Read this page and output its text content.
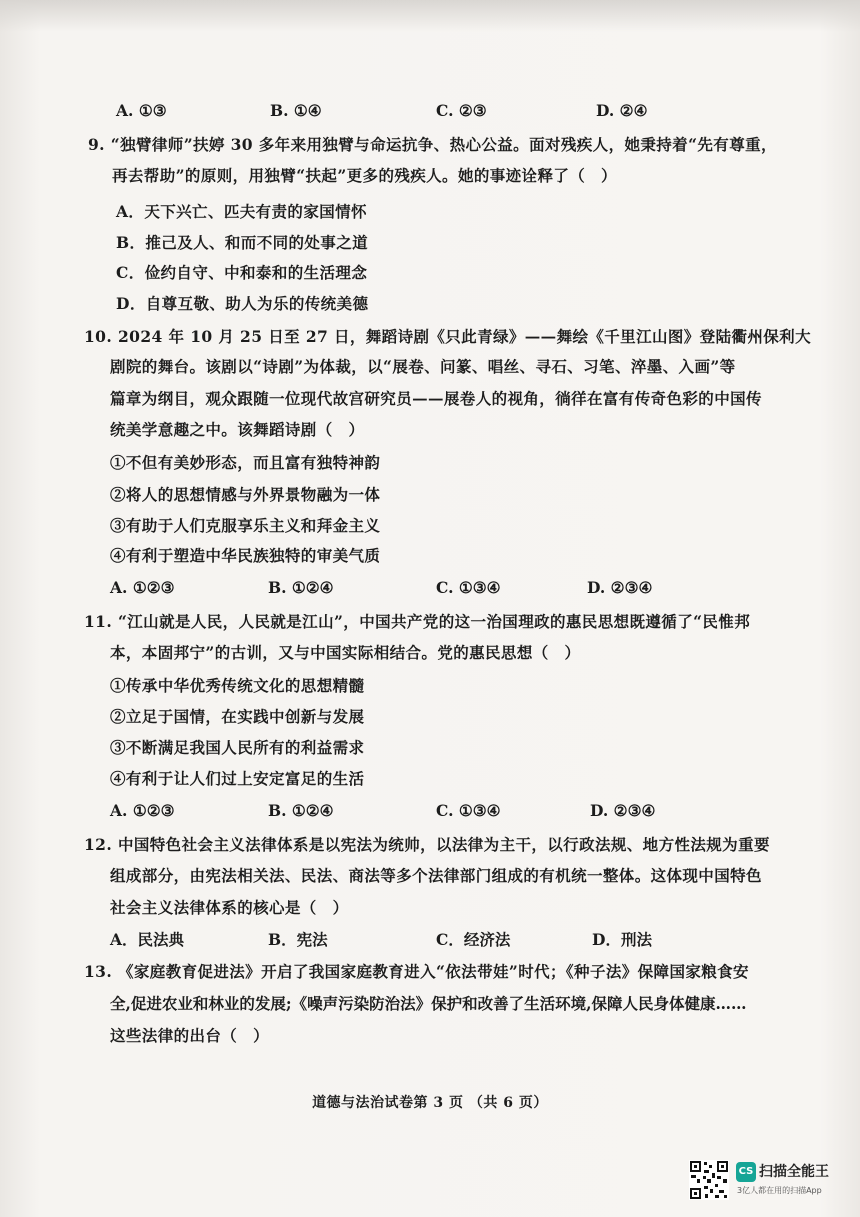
A. ①③	B. ①④	C. ②③	D. ②④
9. “独臂律师”扶婷 30 多年来用独臂与命运抗争、热心公益。面对残疾人，她秉持着“先有尊重，
再去帮助”的原则，用独臂“扶起”更多的残疾人。她的事迹诠释了（　）
A．天下兴亡、匹夫有责的家国情怀
B．推己及人、和而不同的处事之道
C．俭约自守、中和泰和的生活理念
D．自尊互敬、助人为乐的传统美德
10. 2024 年 10 月 25 日至 27 日，舞蹈诗剧《只此青绿》——舞绘《千里江山图》登陆衢州保利大
剧院的舞台。该剧以“诗剧”为体裁，以“展卷、问篆、唱丝、寻石、习笔、淬墨、入画”等
篇章为纲目，观众跟随一位现代故宫研究员——展卷人的视角，徜徉在富有传奇色彩的中国传
统美学意趣之中。该舞蹈诗剧（　）
①不但有美妙形态，而且富有独特神韵
②将人的思想情感与外界景物融为一体
③有助于人们克服享乐主义和拜金主义
④有利于塑造中华民族独特的审美气质
A. ①②③	B. ①②④	C. ①③④	D. ②③④
11. “江山就是人民，人民就是江山”，中国共产党的这一治国理政的惠民思想既遵循了“民惟邦
本，本固邦宁”的古训，又与中国实际相结合。党的惠民思想（　）
①传承中华优秀传统文化的思想精髓
②立足于国情，在实践中创新与发展
③不断满足我国人民所有的利益需求
④有利于让人们过上安定富足的生活
A. ①②③	B. ①②④	C. ①③④	D. ②③④
12. 中国特色社会主义法律体系是以宪法为统帅，以法律为主干，以行政法规、地方性法规为重要
组成部分，由宪法相关法、民法、商法等多个法律部门组成的有机统一整体。这体现中国特色
社会主义法律体系的核心是（　）
A．民法典	B．宪法	C．经济法	D．刑法
13. 《家庭教育促进法》开启了我国家庭教育进入“依法带娃”时代；《种子法》保障国家粮食安
全,促进农业和林业的发展;《噪声污染防治法》保护和改善了生活环境,保障人民身体健康……
这些法律的出台（　）
道德与法治试卷第 3 页 （共 6 页）
CS 扫描全能王
3亿人都在用的扫描App
